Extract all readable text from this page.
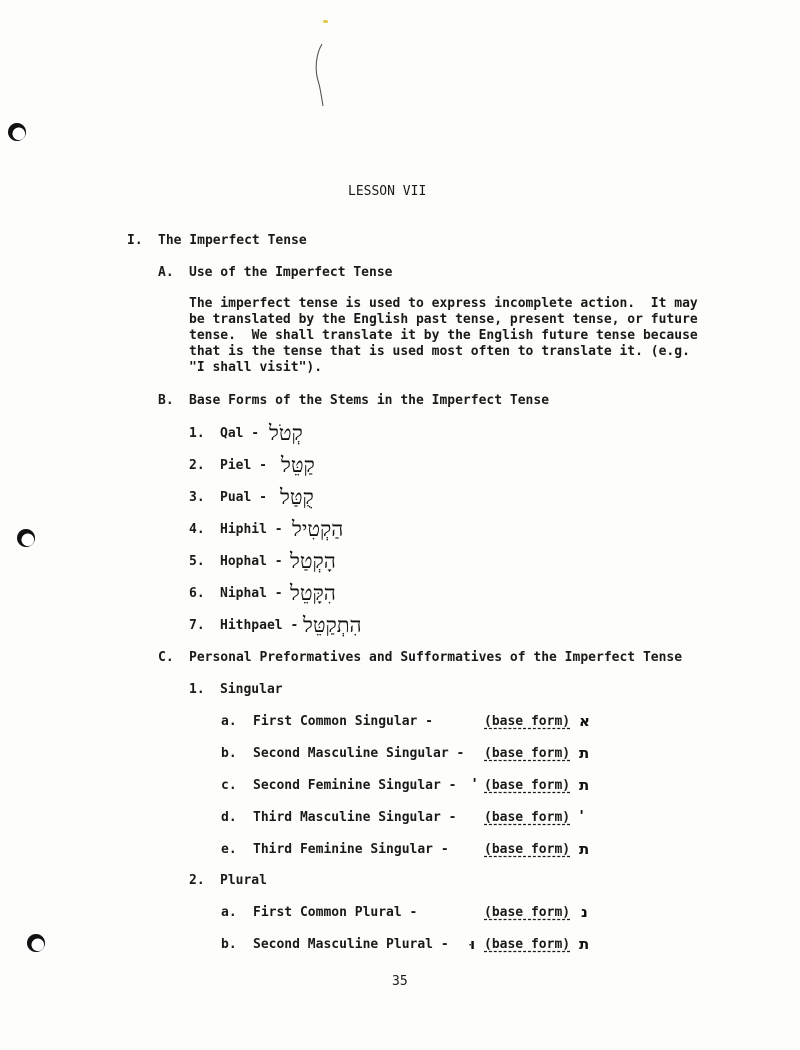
LESSON VII
I. The Imperfect Tense
A. Use of the Imperfect Tense
The imperfect tense is used to express incomplete action.  It may
be translated by the English past tense, present tense, or future
tense.  We shall translate it by the English future tense because
that is the tense that is used most often to translate it. (e.g.
"I shall visit").
B. Base Forms of the Stems in the Imperfect Tense
1. Qal - קְטֹל
2. Piel - קַטֵּל
3. Pual - קֻטַּל
4. Hiphil - הַקְטִיל
5. Hophal - הָקְטַל
6. Niphal - הִקָּטֵל
7. Hithpael - הִתְקַטֵּל
C. Personal Preformatives and Sufformatives of the Imperfect Tense
1. Singular
a. First Common Singular -	(base form) א
b. Second Masculine Singular - (base form) ת
c. Second Feminine Singular - י (base form) ת
d. Third Masculine Singular - (base form) י
e. Third Feminine Singular -	(base form) ת
2. Plural
a. First Common Plural -	(base form) נ
b. Second Masculine Plural - וּ (base form) ת
35
